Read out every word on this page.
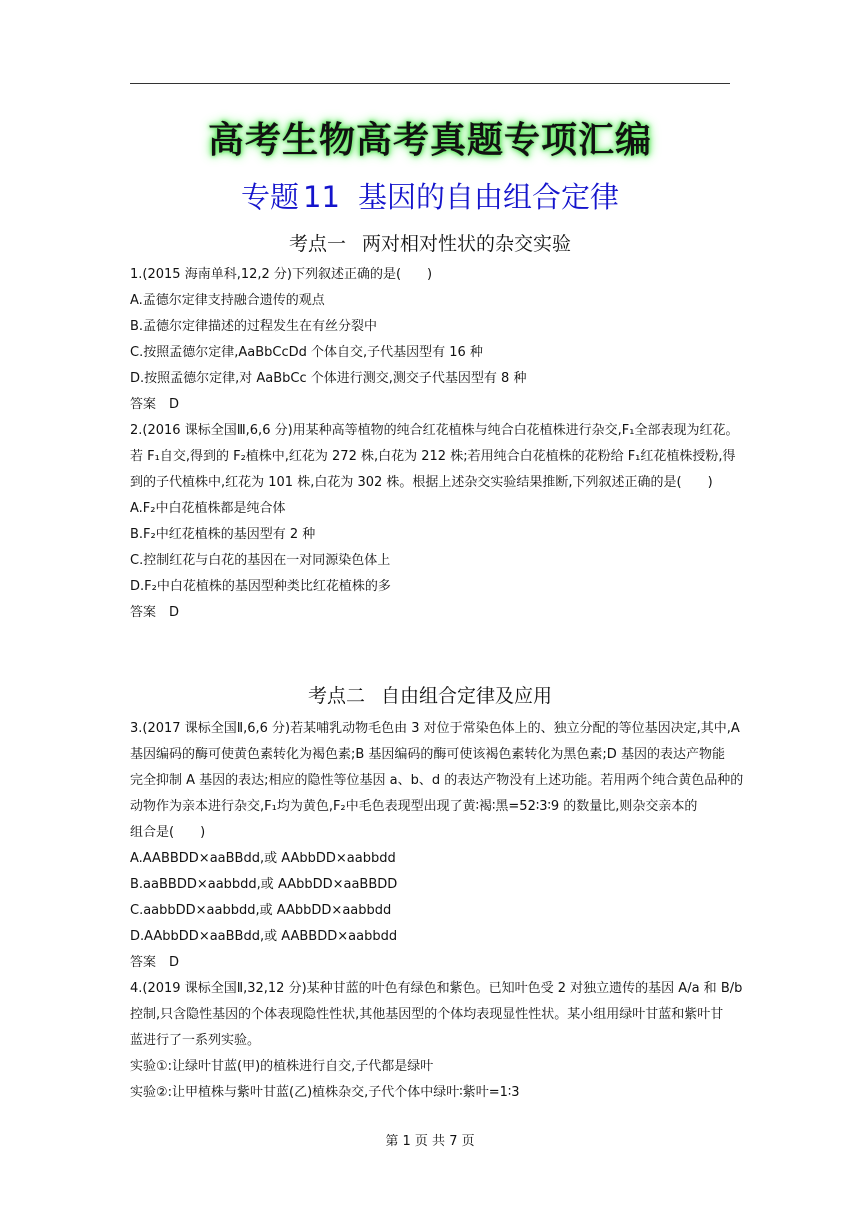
高考生物高考真题专项汇编
专题 11 基因的自由组合定律
考点一 两对相对性状的杂交实验
1.(2015 海南单科,12,2 分)下列叙述正确的是(　　)
A.孟德尔定律支持融合遗传的观点
B.孟德尔定律描述的过程发生在有丝分裂中
C.按照孟德尔定律,AaBbCcDd 个体自交,子代基因型有 16 种
D.按照孟德尔定律,对 AaBbCc 个体进行测交,测交子代基因型有 8 种
答案　D
2.(2016 课标全国Ⅲ,6,6 分)用某种高等植物的纯合红花植株与纯合白花植株进行杂交,F₁全部表现为红花。
若 F₁自交,得到的 F₂植株中,红花为 272 株,白花为 212 株;若用纯合白花植株的花粉给 F₁红花植株授粉,得
到的子代植株中,红花为 101 株,白花为 302 株。根据上述杂交实验结果推断,下列叙述正确的是(　　)
A.F₂中白花植株都是纯合体
B.F₂中红花植株的基因型有 2 种
C.控制红花与白花的基因在一对同源染色体上
D.F₂中白花植株的基因型种类比红花植株的多
答案　D
考点二 自由组合定律及应用
3.(2017 课标全国Ⅱ,6,6 分)若某哺乳动物毛色由 3 对位于常染色体上的、独立分配的等位基因决定,其中,A
基因编码的酶可使黄色素转化为褐色素;B 基因编码的酶可使该褐色素转化为黑色素;D 基因的表达产物能
完全抑制 A 基因的表达;相应的隐性等位基因 a、b、d 的表达产物没有上述功能。若用两个纯合黄色品种的
动物作为亲本进行杂交,F₁均为黄色,F₂中毛色表现型出现了黄∶褐∶黑=52∶3∶9 的数量比,则杂交亲本的
组合是(　　)
A.AABBDD×aaBBdd,或 AAbbDD×aabbdd
B.aaBBDD×aabbdd,或 AAbbDD×aaBBDD
C.aabbDD×aabbdd,或 AAbbDD×aabbdd
D.AAbbDD×aaBBdd,或 AABBDD×aabbdd
答案　D
4.(2019 课标全国Ⅱ,32,12 分)某种甘蓝的叶色有绿色和紫色。已知叶色受 2 对独立遗传的基因 A/a 和 B/b
控制,只含隐性基因的个体表现隐性性状,其他基因型的个体均表现显性性状。某小组用绿叶甘蓝和紫叶甘
蓝进行了一系列实验。
实验①:让绿叶甘蓝(甲)的植株进行自交,子代都是绿叶
实验②:让甲植株与紫叶甘蓝(乙)植株杂交,子代个体中绿叶∶紫叶=1∶3
第 1 页 共 7 页
